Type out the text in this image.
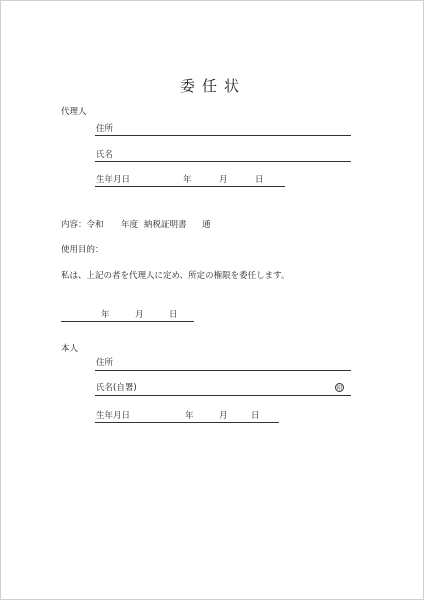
委任状
代理人
住所
氏名
生年月日	年	月	日
内容：令和 年度 納税証明書 通
使用目的：
私は、上記の者を代理人に定め、所定の権限を委任します。
年	月	日
本人
住所
氏名(自署)	印
生年月日	年	月	日
